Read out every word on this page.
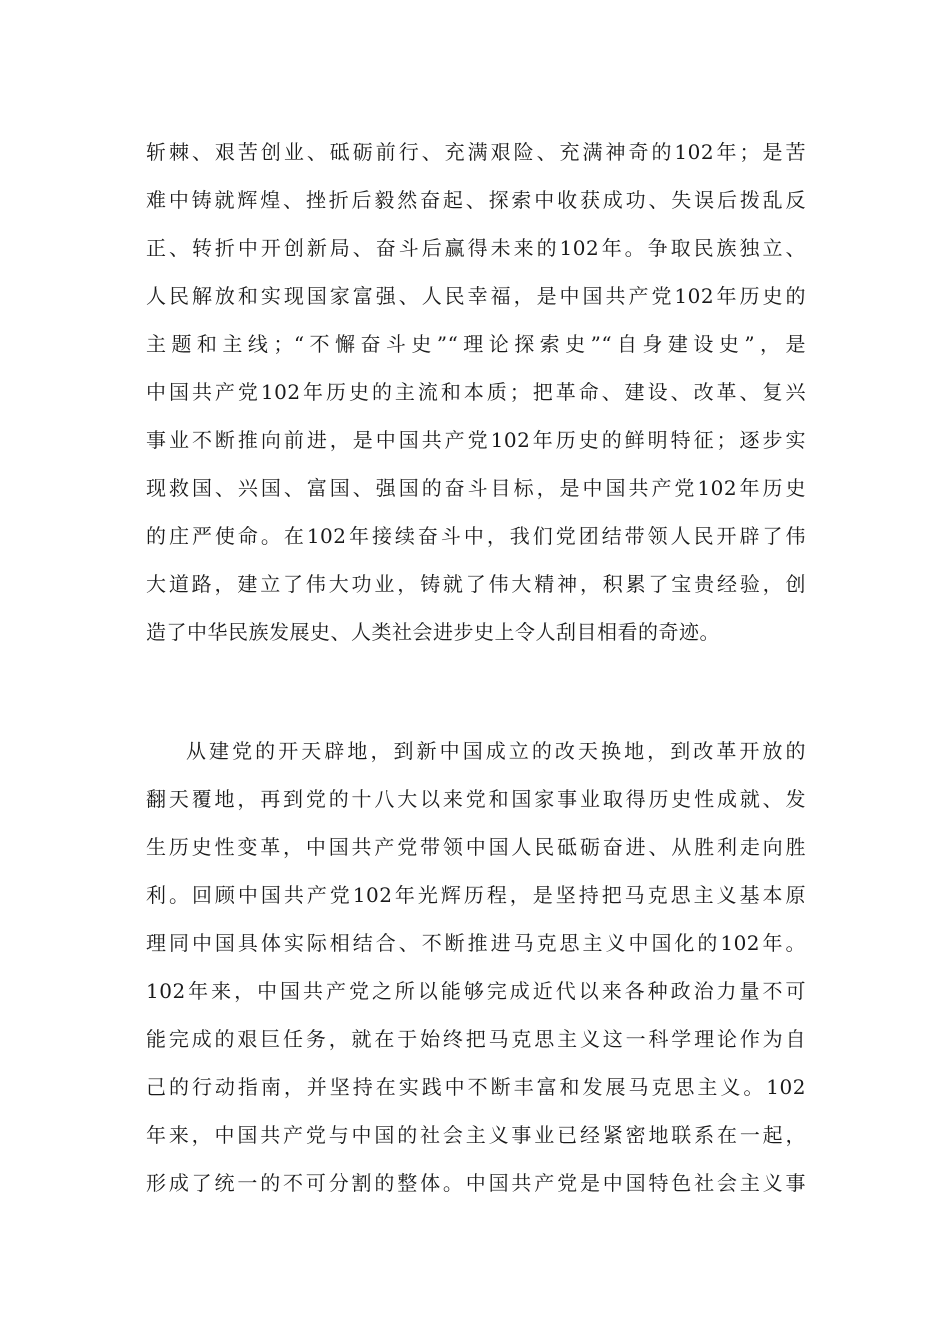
斩棘、艰苦创业、砥砺前行、充满艰险、充满神奇的102年；是苦

难中铸就辉煌、挫折后毅然奋起、探索中收获成功、失误后拨乱反

正、转折中开创新局、奋斗后赢得未来的102年。争取民族独立、

人民解放和实现国家富强、人民幸福，是中国共产党102年历史的

主题和主线；“不懈奋斗史”“理论探索史”“自身建设史”，是

中国共产党102年历史的主流和本质；把革命、建设、改革、复兴

事业不断推向前进，是中国共产党102年历史的鲜明特征；逐步实

现救国、兴国、富国、强国的奋斗目标，是中国共产党102年历史

的庄严使命。在102年接续奋斗中，我们党团结带领人民开辟了伟

大道路，建立了伟大功业，铸就了伟大精神，积累了宝贵经验，创

造了中华民族发展史、人类社会进步史上令人刮目相看的奇迹。

从建党的开天辟地，到新中国成立的改天换地，到改革开放的

翻天覆地，再到党的十八大以来党和国家事业取得历史性成就、发

生历史性变革，中国共产党带领中国人民砥砺奋进、从胜利走向胜

利。回顾中国共产党102年光辉历程，是坚持把马克思主义基本原

理同中国具体实际相结合、不断推进马克思主义中国化的102年。

102年来，中国共产党之所以能够完成近代以来各种政治力量不可

能完成的艰巨任务，就在于始终把马克思主义这一科学理论作为自

己的行动指南，并坚持在实践中不断丰富和发展马克思主义。102

年来，中国共产党与中国的社会主义事业已经紧密地联系在一起，

形成了统一的不可分割的整体。中国共产党是中国特色社会主义事
